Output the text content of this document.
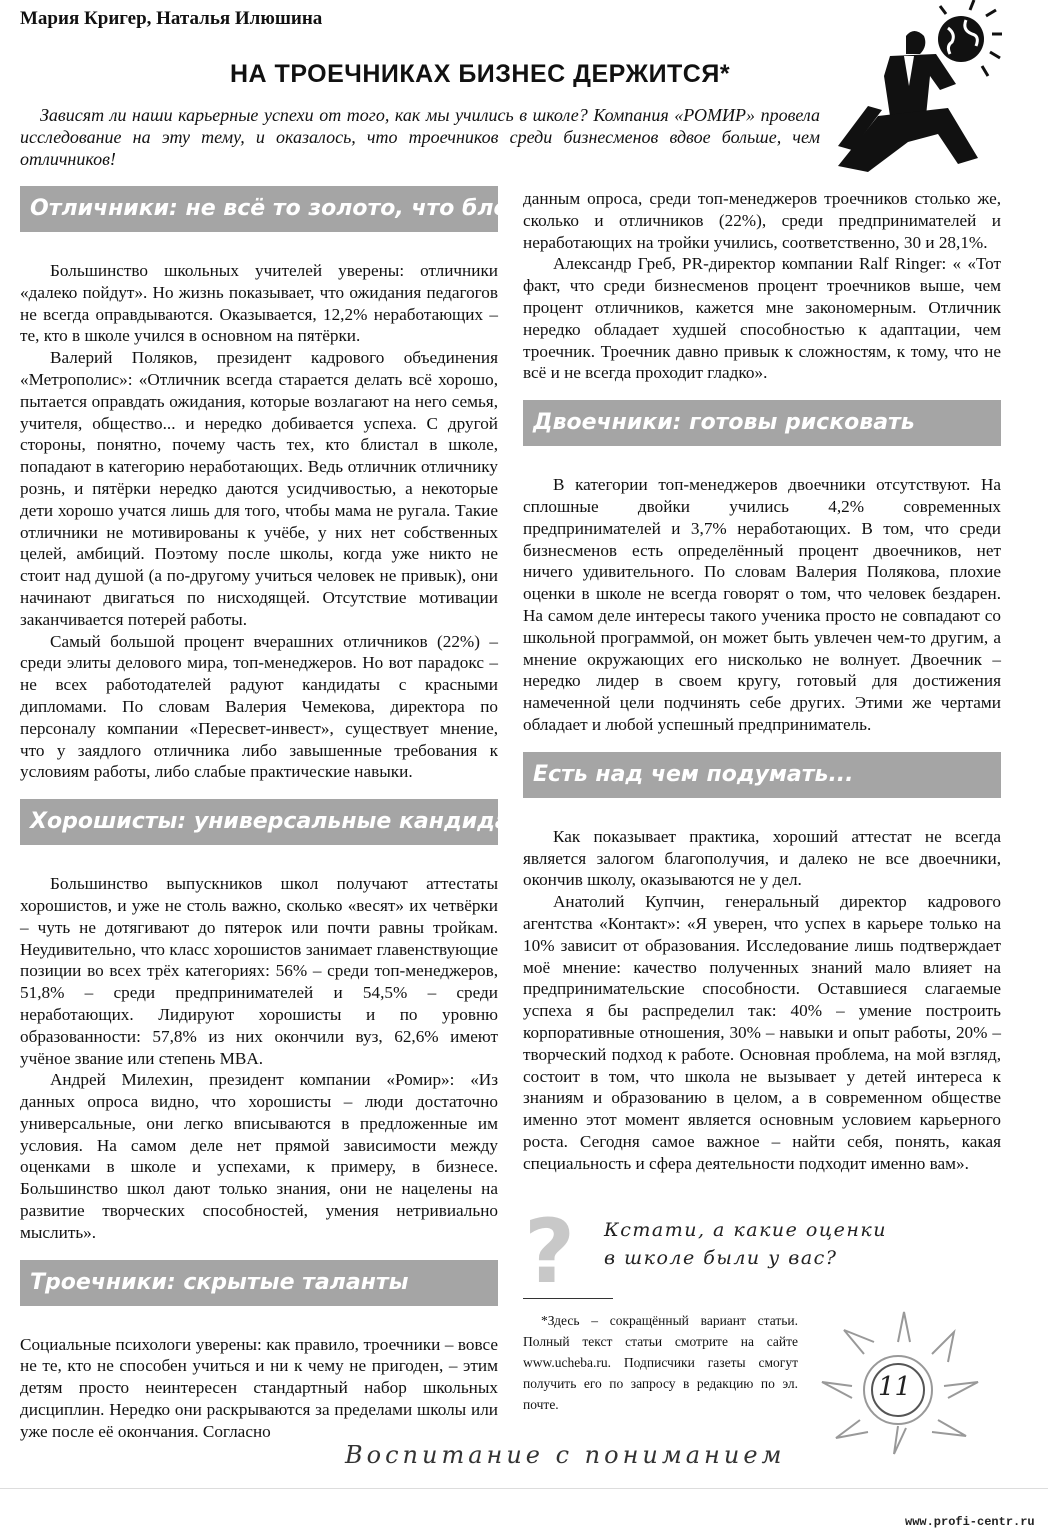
Мария Кригер, Наталья Илюшина
НА ТРОЕЧНИКАХ БИЗНЕС ДЕРЖИТСЯ*
Зависят ли наши карьерные успехи от того, как мы учились в школе? Компания «РОМИР» провела исследование на эту тему, и оказалось, что троечников среди бизнесменов вдвое больше, чем отличников!
Отличники: не всё то золото, что блестит

Большинство школьных учителей уверены: отличники «далеко пойдут». Но жизнь показывает, что ожидания педагогов не всегда оправдываются. Оказывается, 12,2% неработающих – те, кто в школе учился в основном на пятёрки.

Валерий Поляков, президент кадрового объединения «Метрополис»: «Отличник всегда старается делать всё хорошо, пытается оправдать ожидания, которые возлагают на него семья, учителя, общество... и нередко добивается успеха. С другой стороны, понятно, почему часть тех, кто блистал в школе, попадают в категорию неработающих. Ведь отличник отличнику рознь, и пятёрки нередко даются усидчивостью, а некоторые дети хорошо учатся лишь для того, чтобы мама не ругала. Такие отличники не мотивированы к учёбе, у них нет собственных целей, амбиций. Поэтому после школы, когда уже никто не стоит над душой (а по-другому учиться человек не привык), они начинают двигаться по нисходящей. Отсутствие мотивации заканчивается потерей работы.

Самый большой процент вчерашних отличников (22%) – среди элиты делового мира, топ-менеджеров. Но вот парадокс – не всех работодателей радуют кандидаты с красными дипломами. По словам Валерия Чемекова, директора по персоналу компании «Пересвет-инвест», существует мнение, что у заядлого отличника либо завышенные требования к условиям работы, либо слабые практические навыки.

Хорошисты: универсальные кандидаты

Большинство выпускников школ получают аттестаты хорошистов, и уже не столь важно, сколько «весят» их четвёрки – чуть не дотягивают до пятерок или почти равны тройкам. Неудивительно, что класс хорошистов занимает главенствующие позиции во всех трёх категориях: 56% – среди топ-менеджеров, 51,8% – среди предпринимателей и 54,5% – среди неработающих. Лидируют хорошисты и по уровню образованности: 57,8% из них окончили вуз, 62,6% имеют учёное звание или степень MBA.

Андрей Милехин, президент компании «Ромир»: «Из данных опроса видно, что хорошисты – люди достаточно универсальные, они легко вписываются в предложенные им условия. На самом деле нет прямой зависимости между оценками в школе и успехами, к примеру, в бизнесе. Большинство школ дают только знания, они не нацелены на развитие творческих способностей, умения нетривиально мыслить».

Троечники: скрытые таланты

Социальные психологи уверены: как правило, троечники – вовсе не те, кто не способен учиться и ни к чему не пригоден, – этим детям просто неинтересен стандартный набор школьных дисциплин. Нередко они раскрываются за пределами школы или уже после её окончания. Согласно

данным опроса, среди топ-менеджеров троечников столько же, сколько и отличников (22%), среди предпринимателей и неработающих на тройки учились, соответственно, 30 и 28,1%.

Александр Греб, PR-директор компании Ralf Ringer: « «Тот факт, что среди бизнесменов процент троечников выше, чем процент отличников, кажется мне закономерным. Отличник нередко обладает худшей способностью к адаптации, чем троечник. Троечник давно привык к сложностям, к тому, что не всё и не всегда проходит гладко».

Двоечники: готовы рисковать

В категории топ-менеджеров двоечники отсутствуют. На сплошные двойки учились 4,2% современных предпринимателей и 3,7% неработающих. В том, что среди бизнесменов есть определённый процент двоечников, нет ничего удивительного. По словам Валерия Полякова, плохие оценки в школе не всегда говорят о том, что человек бездарен. На самом деле интересы такого ученика просто не совпадают со школьной программой, он может быть увлечен чем-то другим, а мнение окружающих его нисколько не волнует. Двоечник – нередко лидер в своем кругу, готовый для достижения намеченной цели подчинять себе других. Этими же чертами обладает и любой успешный предприниматель.

Есть над чем подумать...

Как показывает практика, хороший аттестат не всегда является залогом благополучия, и далеко не все двоечники, окончив школу, оказываются не у дел.

Анатолий Купчин, генеральный директор кадрового агентства «Контакт»: «Я уверен, что успех в карьере только на 10% зависит от образования. Исследование лишь подтверждает моё мнение: качество полученных знаний мало влияет на предпринимательские способности. Оставшиеся слагаемые успеха я бы распределил так: 40% – умение построить корпоративные отношения, 30% – навыки и опыт работы, 20% – творческий подход к работе. Основная проблема, на мой взгляд, состоит в том, что школа не вызывает у детей интереса к знаниям и образованию в целом, а в современном обществе именно этот момент является основным условием карьерного роста. Сегодня самое важное – найти себя, понять, какая специальность и сфера деятельности подходит именно вам».

? Кстати, а какие оценки
в школе были у вас?
*Здесь – сокращённый вариант статьи. Полный текст статьи смотрите на сайте www.ucheba.ru. Подписчики газеты смогут получить его по запросу в редакцию по эл. почте.
11
Воспитание с пониманием
www.profi-centr.ru
